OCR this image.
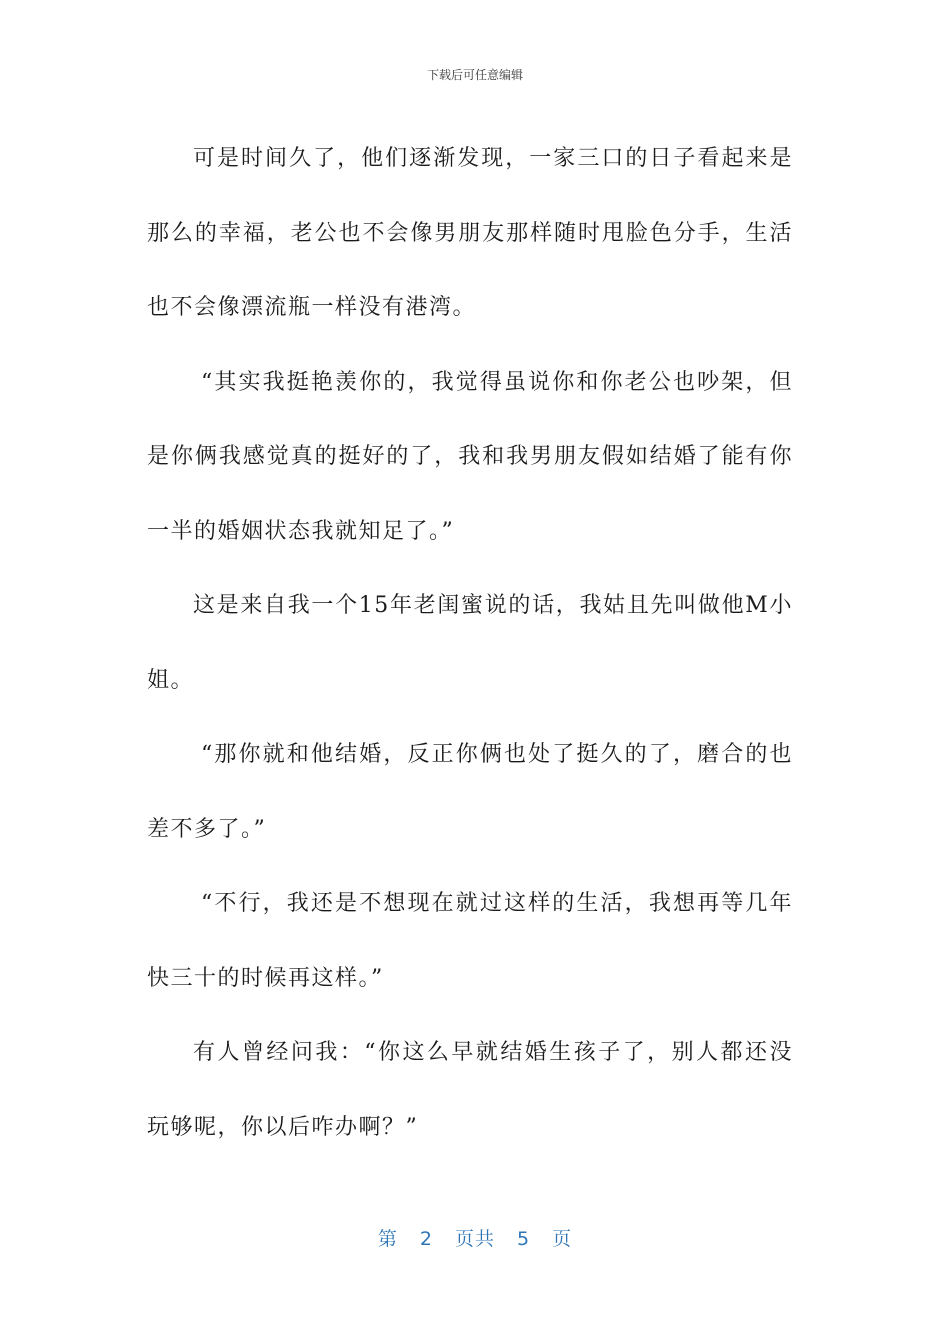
下载后可任意编辑

可是时间久了，他们逐渐发现，一家三口的日子看起来是那么的幸福，老公也不会像男朋友那样随时甩脸色分手，生活也不会像漂流瓶一样没有港湾。

“其实我挺艳羡你的，我觉得虽说你和你老公也吵架，但是你俩我感觉真的挺好的了，我和我男朋友假如结婚了能有你一半的婚姻状态我就知足了。”

这是来自我一个15年老闺蜜说的话，我姑且先叫做他M小姐。

“那你就和他结婚，反正你俩也处了挺久的了，磨合的也差不多了。”

“不行，我还是不想现在就过这样的生活，我想再等几年快三十的时候再这样。”

有人曾经问我：“你这么早就结婚生孩子了，别人都还没玩够呢，你以后咋办啊？”

第 2 页共 5 页
